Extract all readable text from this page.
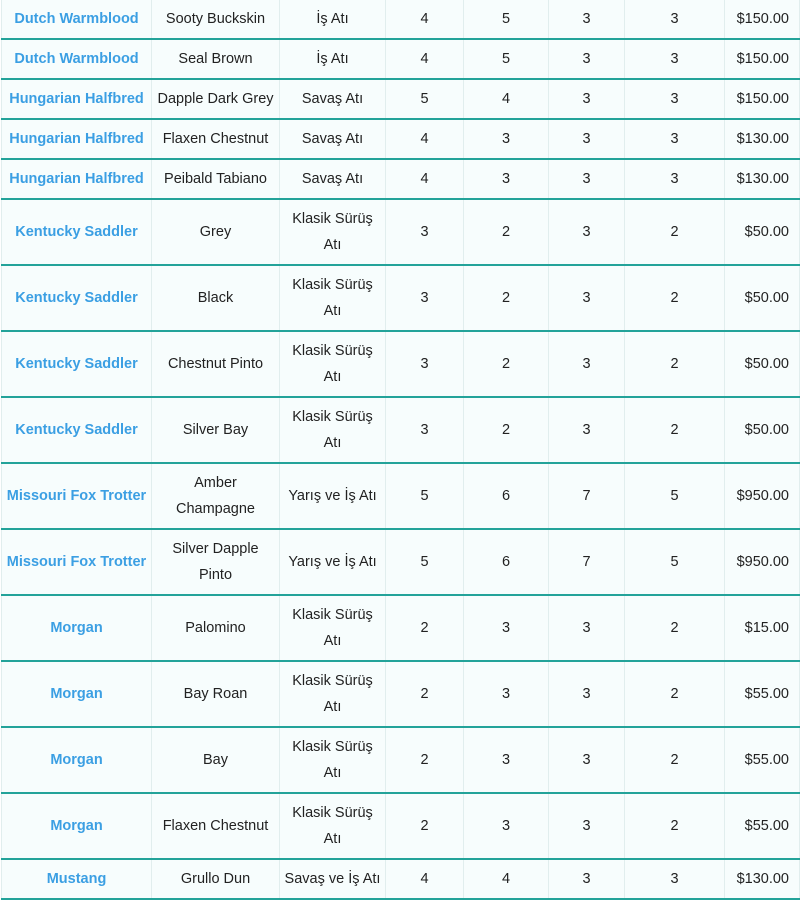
Dutch Warmblood	Sooty Buckskin	İş Atı	4	5	3	3	$150.00
Dutch Warmblood	Seal Brown	İş Atı	4	5	3	3	$150.00
Hungarian Halfbred	Dapple Dark Grey	Savaş Atı	5	4	3	3	$150.00
Hungarian Halfbred	Flaxen Chestnut	Savaş Atı	4	3	3	3	$130.00
Hungarian Halfbred	Peibald Tabiano	Savaş Atı	4	3	3	3	$130.00
Kentucky Saddler	Grey	Klasik Sürüş Atı	3	2	3	2	$50.00
Kentucky Saddler	Black	Klasik Sürüş Atı	3	2	3	2	$50.00
Kentucky Saddler	Chestnut Pinto	Klasik Sürüş Atı	3	2	3	2	$50.00
Kentucky Saddler	Silver Bay	Klasik Sürüş Atı	3	2	3	2	$50.00
Missouri Fox Trotter	Amber Champagne	Yarış ve İş Atı	5	6	7	5	$950.00
Missouri Fox Trotter	Silver Dapple Pinto	Yarış ve İş Atı	5	6	7	5	$950.00
Morgan	Palomino	Klasik Sürüş Atı	2	3	3	2	$15.00
Morgan	Bay Roan	Klasik Sürüş Atı	2	3	3	2	$55.00
Morgan	Bay	Klasik Sürüş Atı	2	3	3	2	$55.00
Morgan	Flaxen Chestnut	Klasik Sürüş Atı	2	3	3	2	$55.00
Mustang	Grullo Dun	Savaş ve İş Atı	4	4	3	3	$130.00
